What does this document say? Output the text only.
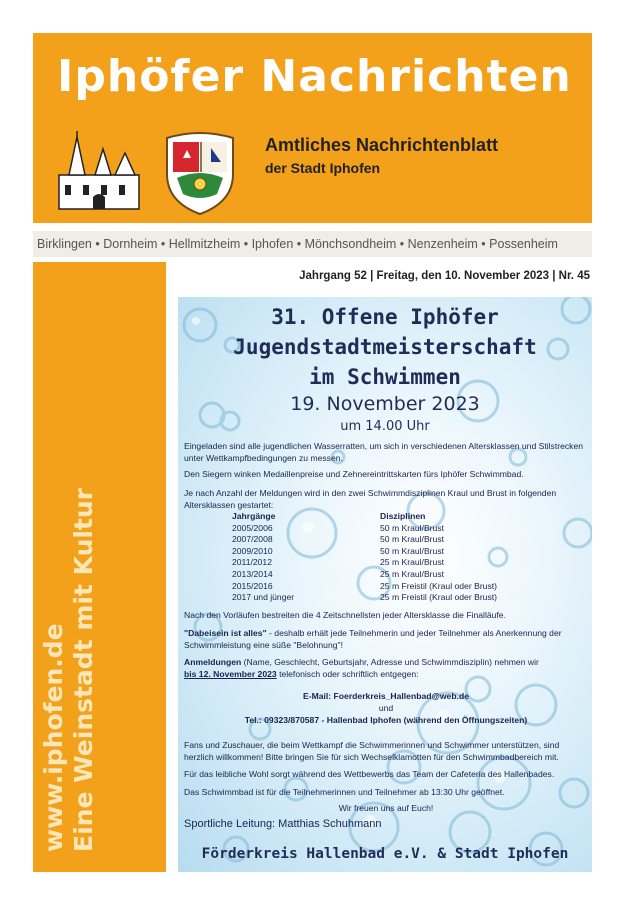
Iphöfer Nachrichten
Amtliches Nachrichtenblatt
der Stadt Iphofen
Birklingen • Dornheim • Hellmitzheim • Iphofen • Mönchsondheim • Nenzenheim • Possenheim
www.iphofen.de Eine Weinstadt mit Kultur
Jahrgang 52 | Freitag, den 10. November 2023 | Nr. 45
31. Offene Iphöfer
Jugendstadtmeisterschaft
im Schwimmen
19. November 2023
um 14.00 Uhr
Eingeladen sind alle jugendlichen Wasserratten, um sich in verschiedenen Altersklassen und Stilstrecken unter Wettkampfbedingungen zu messen.
Den Siegern winken Medaillenpreise und Zehnereintrittskarten fürs Iphöfer Schwimmbad.
Je nach Anzahl der Meldungen wird in den zwei Schwimmdisziplinen Kraul und Brust in folgenden Altersklassen gestartet:
Jahrgänge
2005/2006
2007/2008
2009/2010
2011/2012
2013/2014
2015/2016
2017 und jünger
Disziplinen
50 m Kraul/Brust
50 m Kraul/Brust
50 m Kraul/Brust
25 m Kraul/Brust
25 m Kraul/Brust
25 m Freistil (Kraul oder Brust)
25 m Freistil (Kraul oder Brust)
Nach den Vorläufen bestreiten die 4 Zeitschnellsten jeder Altersklasse die Finalläufe.
"Dabeisein ist alles" - deshalb erhält jede Teilnehmerin und jeder Teilnehmer als Anerkennung der Schwimmleistung eine süße "Belohnung"!
Anmeldungen (Name, Geschlecht, Geburtsjahr, Adresse und Schwimmdisziplin) nehmen wir
bis 12. November 2023 telefonisch oder schriftlich entgegen:
E-Mail: Foerderkreis_Hallenbad@web.de
und
Tel.: 09323/870587 - Hallenbad Iphofen (während den Öffnungszeiten)
Fans und Zuschauer, die beim Wettkampf die Schwimmerinnen und Schwimmer unterstützen, sind herzlich willkommen! Bitte bringen Sie für sich Wechselklamotten für den Schwimmbadbereich mit.
Für das leibliche Wohl sorgt während des Wettbewerbs das Team der Cafeteria des Hallenbades.
Das Schwimmbad ist für die Teilnehmerinnen und Teilnehmer ab 13:30 Uhr geöffnet.
Wir freuen uns auf Euch!
Sportliche Leitung: Matthias Schuhmann
Förderkreis Hallenbad e.V. & Stadt Iphofen
